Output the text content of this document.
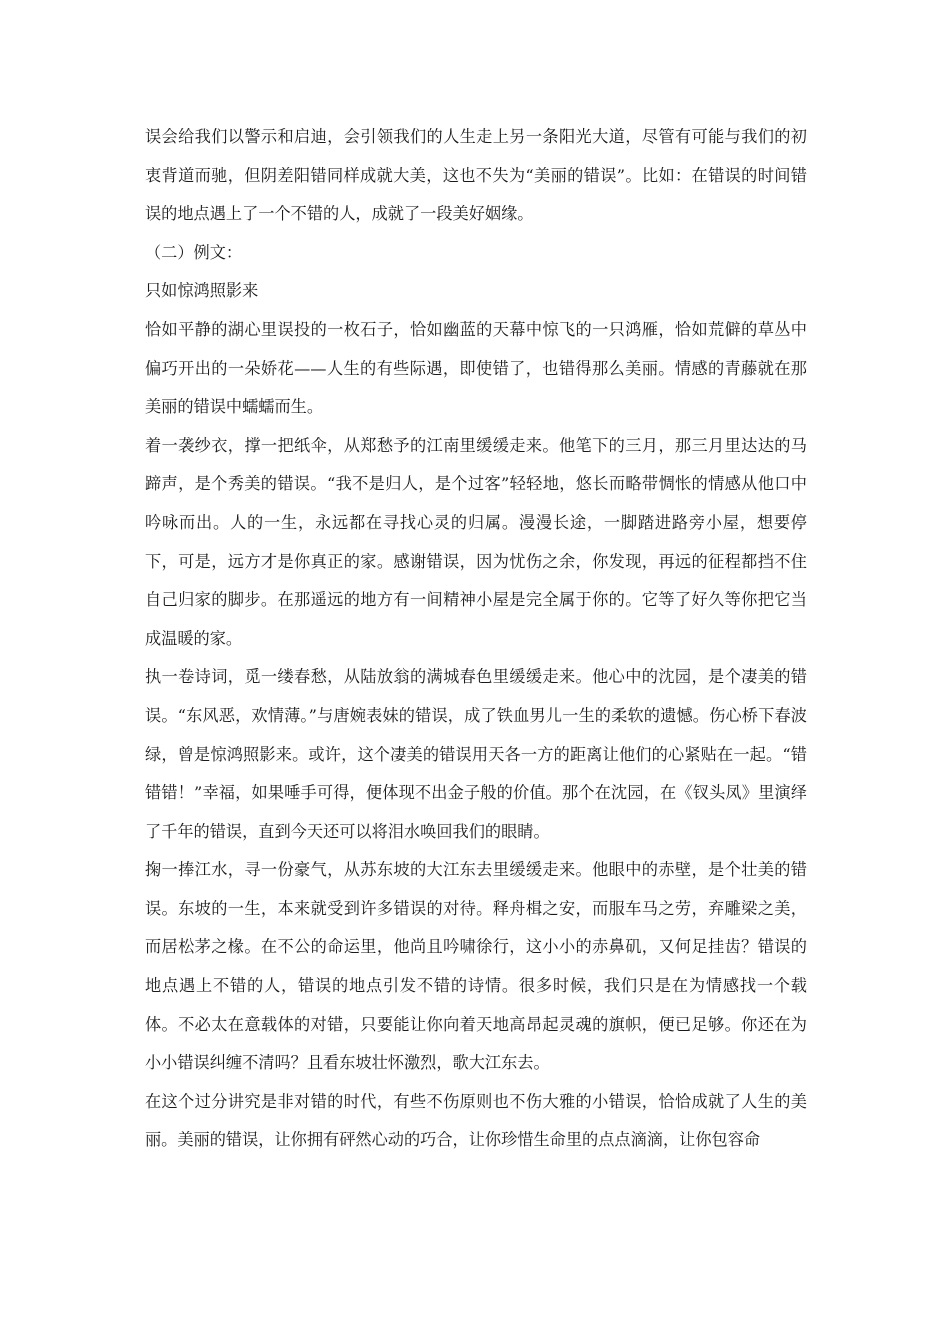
误会给我们以警示和启迪，会引领我们的人生走上另一条阳光大道，尽管有可能与我们的初衷背道而驰，但阴差阳错同样成就大美，这也不失为“美丽的错误”。比如：在错误的时间错误的地点遇上了一个不错的人，成就了一段美好姻缘。

（二）例文：

只如惊鸿照影来

恰如平静的湖心里误投的一枚石子，恰如幽蓝的天幕中惊飞的一只鸿雁，恰如荒僻的草丛中偏巧开出的一朵娇花——人生的有些际遇，即使错了，也错得那么美丽。情感的青藤就在那美丽的错误中蠕蠕而生。

着一袭纱衣，撑一把纸伞，从郑愁予的江南里缓缓走来。他笔下的三月，那三月里达达的马蹄声，是个秀美的错误。“我不是归人，是个过客”轻轻地，悠长而略带惆怅的情感从他口中吟咏而出。人的一生，永远都在寻找心灵的归属。漫漫长途，一脚踏进路旁小屋，想要停下，可是，远方才是你真正的家。感谢错误，因为忧伤之余，你发现，再远的征程都挡不住自己归家的脚步。在那遥远的地方有一间精神小屋是完全属于你的。它等了好久等你把它当成温暖的家。

执一卷诗词，觅一缕春愁，从陆放翁的满城春色里缓缓走来。他心中的沈园，是个凄美的错误。“东风恶，欢情薄。”与唐婉表妹的错误，成了铁血男儿一生的柔软的遗憾。伤心桥下春波绿，曾是惊鸿照影来。或许，这个凄美的错误用天各一方的距离让他们的心紧贴在一起。“错错错！”幸福，如果唾手可得，便体现不出金子般的价值。那个在沈园，在《钗头凤》里演绎了千年的错误，直到今天还可以将泪水唤回我们的眼睛。

掬一捧江水，寻一份豪气，从苏东坡的大江东去里缓缓走来。他眼中的赤壁，是个壮美的错误。东坡的一生，本来就受到许多错误的对待。释舟楫之安，而服车马之劳，弃雕梁之美，而居松茅之椽。在不公的命运里，他尚且吟啸徐行，这小小的赤鼻矶，又何足挂齿？错误的地点遇上不错的人，错误的地点引发不错的诗情。很多时候，我们只是在为情感找一个载体。不必太在意载体的对错，只要能让你向着天地高昂起灵魂的旗帜，便已足够。你还在为小小错误纠缠不清吗？且看东坡壮怀激烈，歌大江东去。

在这个过分讲究是非对错的时代，有些不伤原则也不伤大雅的小错误，恰恰成就了人生的美丽。美丽的错误，让你拥有砰然心动的巧合，让你珍惜生命里的点点滴滴，让你包容命
